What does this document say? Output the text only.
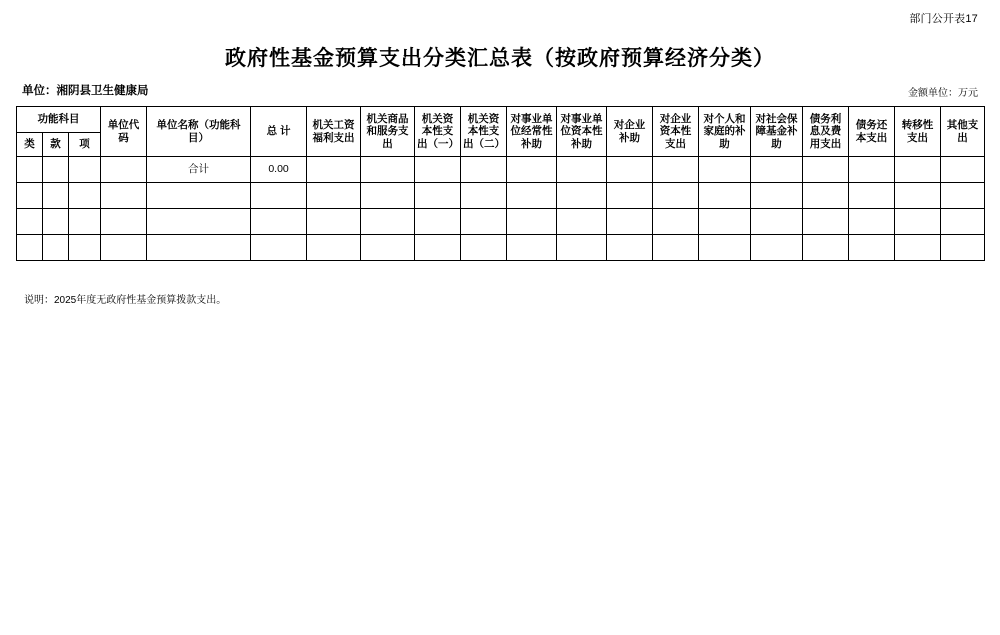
部门公开表17
政府性基金预算支出分类汇总表（按政府预算经济分类）
单位：湘阴县卫生健康局	金额单位：万元
功能科目			单位代码	单位名称（功能科目）	总 计	机关工资福利支出	机关商品和服务支出	机关资本性支出（一）	机关资本性支出（二）	对事业单位经常性补助	对事业单位资本性补助	对企业补助	对企业资本性支出	对个人和家庭的补助	对社会保障基金补助	债务利息及费用支出	债务还本支出	转移性支出	其他支出
类	款	项																	
				合计	0.00														

说明：2025年度无政府性基金预算拨款支出。
